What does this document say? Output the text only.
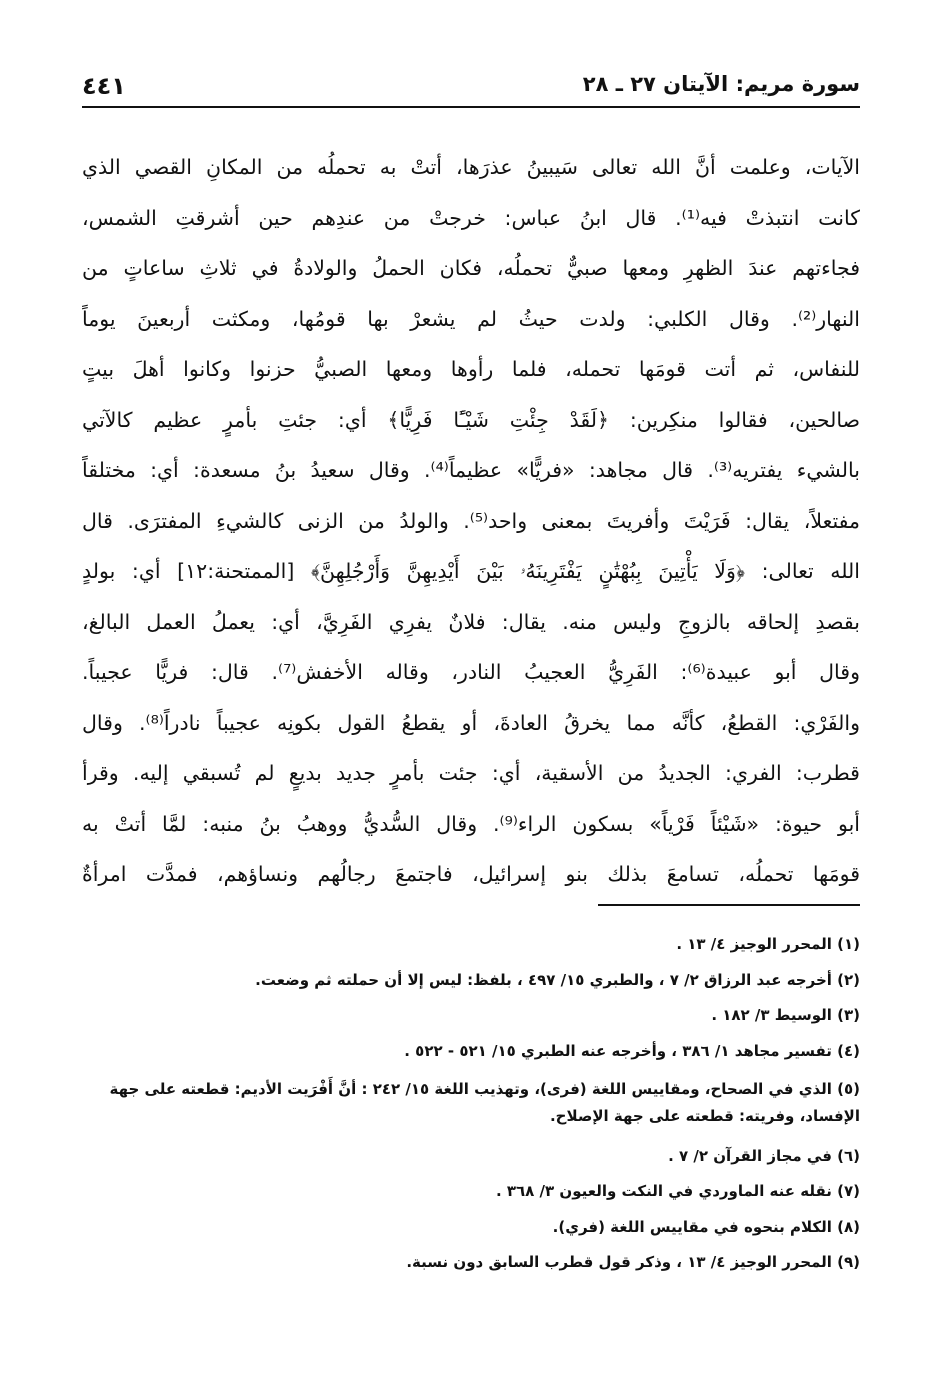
سورة مريم: الآيتان ٢٧ ـ ٢٨
٤٤١
الآيات، وعلمت أنَّ الله تعالى سَيبينُ عذرَها، أتتْ به تحملُه من المكانِ القصي الذي
كانت انتبذتْ فيه⁽¹⁾. قال ابنُ عباس: خرجتْ من عندِهم حين أشرقتِ الشمس،
فجاءتهم عندَ الظهرِ ومعها صبيٌّ تحملُه، فكان الحملُ والولادةُ في ثلاثِ ساعاتٍ من
النهار⁽²⁾. وقال الكلبي: ولدت حيثُ لم يشعرْ بها قومُها، ومكثت أربعينَ يوماً
للنفاس، ثم أتت قومَها تحمله، فلما رأوها ومعها الصبيُّ حزنوا وكانوا أهلَ بيتٍ
صالحين، فقالوا منكِرين: ﴿لَقَدْ جِئْتِ شَيْـًٔا فَرِيًّا﴾ أي: جئتِ بأمرٍ عظيم كالآتي
بالشيء يفتريه⁽³⁾. قال مجاهد: «فريًّا» عظيماً⁽⁴⁾. وقال سعيدُ بنُ مسعدة: أي: مختلقاً
مفتعلاً، يقال: فَرَيْتَ وأفريتَ بمعنى واحد⁽⁵⁾. والولدُ من الزنى كالشيءِ المفترَى. قال
الله تعالى: ﴿وَلَا يَأْتِينَ بِبُهْتَٰنٍ يَفْتَرِينَهُۥ بَيْنَ أَيْدِيهِنَّ وَأَرْجُلِهِنَّ﴾ [الممتحنة:١٢] أي: بولدٍ
بقصدِ إلحاقه بالزوجِ وليس منه. يقال: فلانٌ يفرِي الفَرِيَّ، أي: يعملُ العمل البالغ،
وقال أبو عبيدة⁽⁶⁾: الفَرِيُّ العجيبُ النادر، وقاله الأخفش⁽⁷⁾. قال: فريًّا عجيباً.
والفَرْي: القطعُ، كأنَّه مما يخرقُ العادةَ، أو يقطعُ القول بكونِه عجيباً نادراً⁽⁸⁾. وقال
قطرب: الفري: الجديدُ من الأسقية، أي: جئت بأمرٍ جديد بديعٍ لم تُسبقي إليه. وقرأ
أبو حيوة: «شَيْئاً فَرْياً» بسكون الراء⁽⁹⁾. وقال السُّديُّ ووهبُ بنُ منبه: لمَّا أتتْ به
قومَها تحملُه، تسامعَ بذلك بنو إسرائيل، فاجتمعَ رجالُهم ونساؤهم، فمدَّت امرأةٌ
(١) المحرر الوجيز ٤/ ١٣ .
(٢) أخرجه عبد الرزاق ٢/ ٧ ، والطبري ١٥/ ٤٩٧ ، بلفظ: ليس إلا أن حملته ثم وضعت.
(٣) الوسيط ٣/ ١٨٢ .
(٤) تفسير مجاهد ١/ ٣٨٦ ، وأخرجه عنه الطبري ١٥/ ٥٢١ - ٥٢٢ .
(٥) الذي في الصحاح، ومقاييس اللغة (فرى)، وتهذيب اللغة ١٥/ ٢٤٢ : أنَّ أَفْرَيت الأديم: قطعته على جهة الإفساد، وفريته: قطعته على جهة الإصلاح.
(٦) في مجاز القرآن ٢/ ٧ .
(٧) نقله عنه الماوردي في النكت والعيون ٣/ ٣٦٨ .
(٨) الكلام بنحوه في مقاييس اللغة (فري).
(٩) المحرر الوجيز ٤/ ١٣ ، وذكر قول قطرب السابق دون نسبة.
